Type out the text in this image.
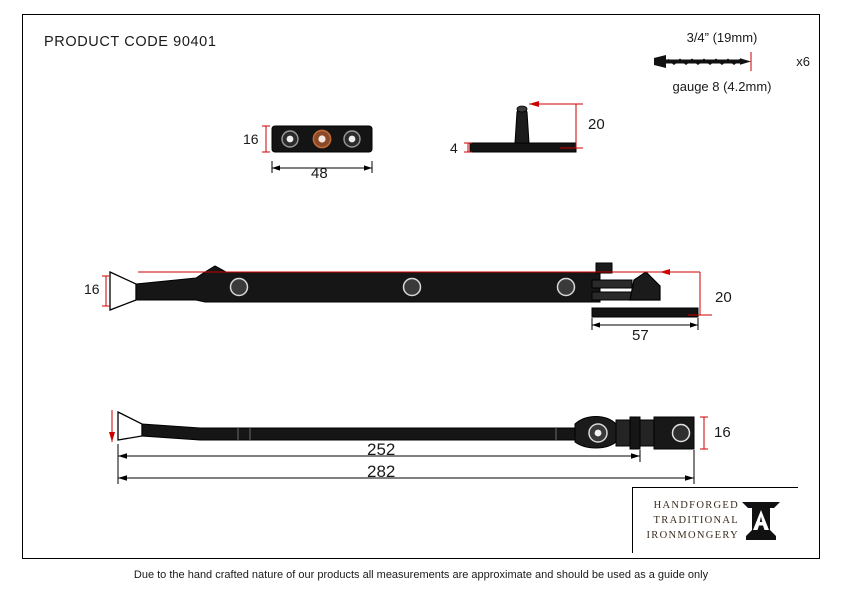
PRODUCT CODE 90401	3/4” (19mm)
x6
gauge 8 (4.2mm)
16
48
4
20
16	20
57
16
252
282
HANDFORGED
TRADITIONAL
IRONMONGERY
Due to the hand crafted nature of our products all measurements are approximate and should be used as a guide only
